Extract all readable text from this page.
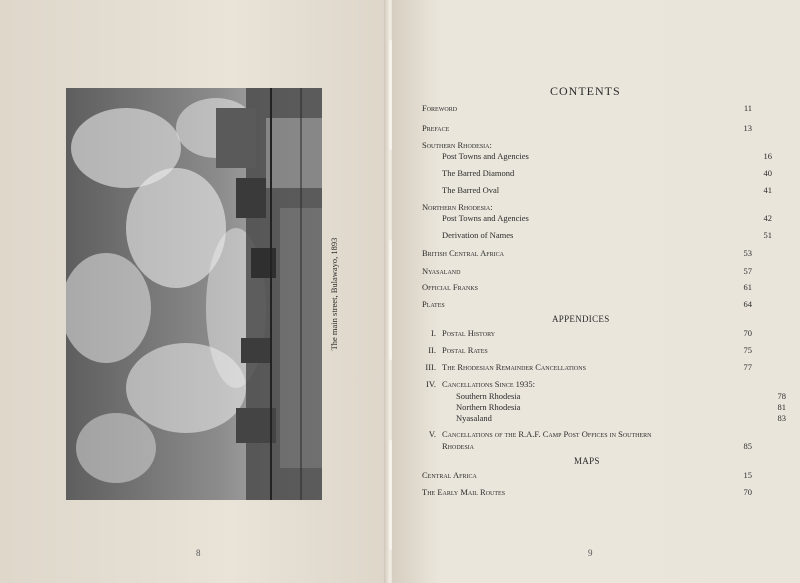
The main street, Bulawayo, 1893
8
CONTENTS
Foreword	11
Preface	13
Southern Rhodesia:
Post Towns and Agencies	16
The Barred Diamond	40
The Barred Oval	41
Northern Rhodesia:
Post Towns and Agencies	42
Derivation of Names	51
British Central Africa	53
Nyasaland	57
Official Franks	61
Plates	64
APPENDICES
I. Postal History	70
II. Postal Rates	75
III. The Rhodesian Remainder Cancellations	77
IV. Cancellations Since 1935:
Southern Rhodesia	78
Northern Rhodesia	81
Nyasaland	83
V. Cancellations of the R.A.F. Camp Post Offices in Southern
Rhodesia	85
MAPS
Central Africa	15
The Early Mail Routes	70
9
